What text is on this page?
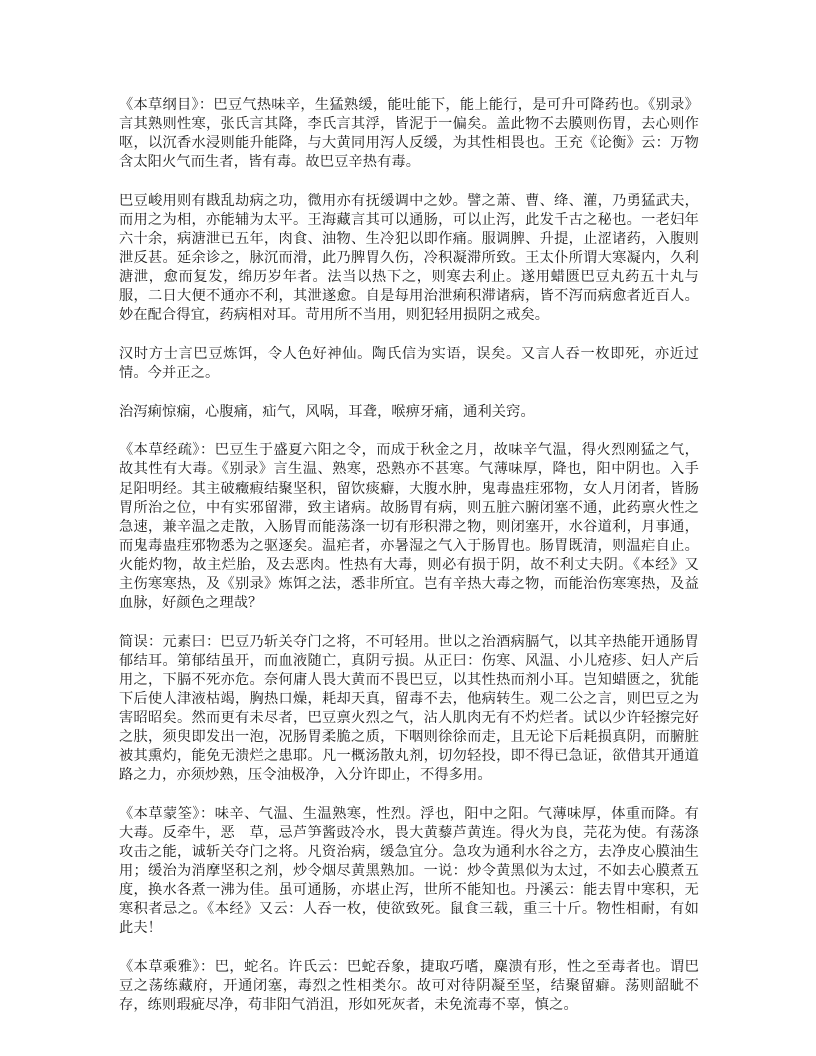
《本草纲目》：巴豆气热味辛，生猛熟缓，能吐能下，能上能行，是可升可降药也。《别录》言其熟则性寒，张氏言其降，李氏言其浮，皆泥于一偏矣。盖此物不去膜则伤胃，去心则作呕，以沉香水浸则能升能降，与大黄同用泻人反缓，为其性相畏也。王充《论衡》云：万物含太阳火气而生者，皆有毒。故巴豆辛热有毒。

巴豆峻用则有戡乱劫病之功，微用亦有抚缓调中之妙。譬之萧、曹、绛、灌，乃勇猛武夫，而用之为相，亦能辅为太平。王海藏言其可以通肠，可以止泻，此发千古之秘也。一老妇年六十余，病溏泄已五年，肉食、油物、生冷犯以即作痛。服调脾、升提，止涩诸药，入腹则泄反甚。延余诊之，脉沉而滑，此乃脾胃久伤，冷积凝滞所致。王太仆所谓大寒凝内，久利溏泄，愈而复发，绵历岁年者。法当以热下之，则寒去利止。遂用蜡匮巴豆丸药五十丸与服，二日大便不通亦不利，其泄遂愈。自是每用治泄痢积滞诸病，皆不泻而病愈者近百人。妙在配合得宜，药病相对耳。苛用所不当用，则犯轻用损阴之戒矣。

汉时方士言巴豆炼饵，令人色好神仙。陶氏信为实语，误矣。又言人吞一枚即死，亦近过情。今并正之。

治泻痢惊痫，心腹痛，疝气，风㖞，耳聋，喉痹牙痛，通利关窍。

《本草经疏》：巴豆生于盛夏六阳之令，而成于秋金之月，故味辛气温，得火烈刚猛之气，故其性有大毒。《别录》言生温、熟寒，恐熟亦不甚寒。气薄味厚，降也，阳中阴也。入手足阳明经。其主破癥瘕结聚坚积，留饮痰癖，大腹水肿，鬼毒蛊疰邪物，女人月闭者，皆肠胃所治之位，中有实邪留滞，致主诸病。故肠胃有病，则五脏六腑闭塞不通，此药禀火性之急速，兼辛温之走散，入肠胃而能荡涤一切有形积滞之物，则闭塞开，水谷道利，月事通，而鬼毒蛊疰邪物悉为之驱逐矣。温疟者，亦暑湿之气入于肠胃也。肠胃既清，则温疟自止。火能灼物，故主烂胎，及去恶肉。性热有大毒，则必有损于阴，故不利丈夫阴。《本经》又主伤寒寒热，及《别录》炼饵之法，悉非所宜。岂有辛热大毒之物，而能治伤寒寒热，及益血脉，好颜色之理哉？

简误：元素曰：巴豆乃斩关夺门之将，不可轻用。世以之治酒病膈气，以其辛热能开通肠胃郁结耳。第郁结虽开，而血液随亡，真阴亏损。从正曰：伤寒、风温、小儿疮疹、妇人产后用之，下膈不死亦危。奈何庸人畏大黄而不畏巴豆，以其性热而剂小耳。岂知蜡匮之，犹能下后使人津液枯竭，胸热口燥，耗却天真，留毒不去，他病转生。观二公之言，则巴豆之为害昭昭矣。然而更有未尽者，巴豆禀火烈之气，沾人肌肉无有不灼烂者。试以少许轻擦完好之肤，须臾即发出一泡，况肠胃柔脆之质，下咽则徐徐而走，且无论下后耗损真阴，而腑脏被其熏灼，能免无溃烂之患耶。凡一概汤散丸剂，切勿轻投，即不得已急证，欲借其开通道路之力，亦须炒熟，压令油极净，入分许即止，不得多用。

《本草蒙筌》：味辛、气温、生温熟寒，性烈。浮也，阳中之阳。气薄味厚，体重而降。有大毒。反牵牛，恶　草，忌芦笋酱豉冷水，畏大黄藜芦黄连。得火为良，芫花为使。有荡涤攻击之能，诚斩关夺门之将。凡资治病，缓急宜分。急攻为通利水谷之方，去净皮心膜油生用；缓治为消摩坚积之剂，炒令烟尽黄黑熟加。一说：炒令黄黑似为太过，不如去心膜煮五度，换水各煮一沸为佳。虽可通肠，亦堪止泻，世所不能知也。丹溪云：能去胃中寒积，无寒积者忌之。《本经》又云：人吞一枚，使欲致死。鼠食三载，重三十斤。物性相耐，有如此夫！

《本草乘雅》：巴，蛇名。许氏云：巴蛇吞象，捷取巧嗜，麋溃有形，性之至毒者也。谓巴豆之荡练藏府，开通闭塞，毒烈之性相类尔。故可对待阴凝至坚，结聚留癖。荡则韶眦不存，练则瑕疵尽净，苟非阳气消沮，形如死灰者，未免流毒不辜，慎之。
